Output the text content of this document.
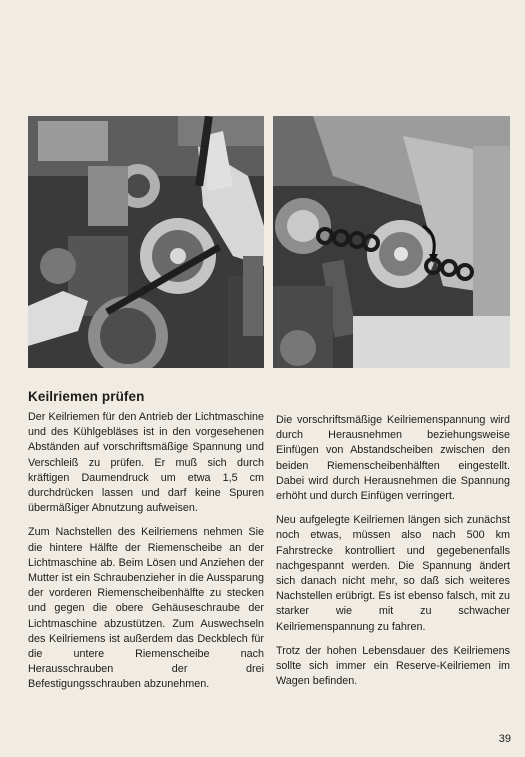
Keilriemen prüfen

Der Keilriemen für den Antrieb der Lichtmaschine und des Kühlgebläses ist in den vorgesehenen Abständen auf vorschriftsmäßige Spannung und Verschleiß zu prüfen. Er muß sich durch kräftigen Daumendruck um etwa 1,5 cm durchdrücken lassen und darf keine Spuren übermäßiger Abnutzung aufweisen.

Zum Nachstellen des Keilriemens nehmen Sie die hintere Hälfte der Riemenscheibe an der Lichtmaschine ab. Beim Lösen und Anziehen der Mutter ist ein Schraubenzieher in die Aussparung der vorderen Riemenscheibenhälfte zu stecken und gegen die obere Gehäuseschraube der Lichtmaschine abzustützen. Zum Auswechseln des Keilriemens ist außerdem das Deckblech für die untere Riemenscheibe nach Herausschrauben der drei Befestigungsschrauben abzunehmen.

Die vorschriftsmäßige Keilriemenspannung wird durch Herausnehmen beziehungsweise Einfügen von Abstandscheiben zwischen den beiden Riemenscheibenhälften eingestellt. Dabei wird durch Herausnehmen die Spannung erhöht und durch Einfügen verringert.

Neu aufgelegte Keilriemen längen sich zunächst noch etwas, müssen also nach 500 km Fahrstrecke kontrolliert und gegebenenfalls nachgespannt werden. Die Spannung ändert sich danach nicht mehr, so daß sich weiteres Nachstellen erübrigt. Es ist ebenso falsch, mit zu starker wie mit zu schwacher Keilriemenspannung zu fahren.

Trotz der hohen Lebensdauer des Keilriemens sollte sich immer ein Reserve-Keilriemen im Wagen befinden.

39
